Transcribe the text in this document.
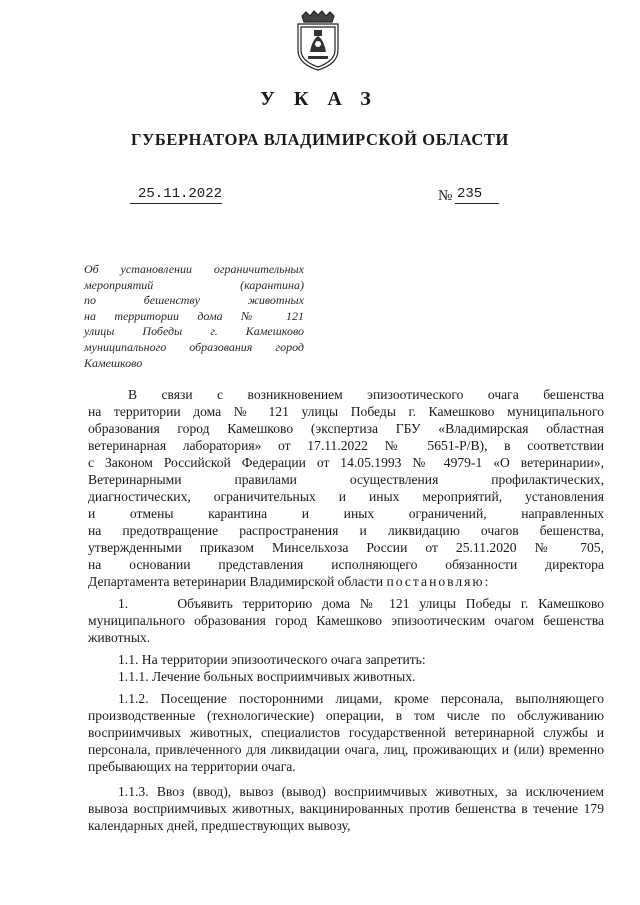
УКАЗ
ГУБЕРНАТОРА ВЛАДИМИРСКОЙ ОБЛАСТИ
25.11.2022	№ 235
Об установлении ограничительных
мероприятий (карантина)
по бешенству животных
на территории дома № 121
улицы Победы г. Камешково
муниципального образования город
Камешково
В связи с возникновением эпизоотического очага бешенства
на территории дома № 121 улицы Победы г. Камешково муниципального
образования город Камешково (экспертиза ГБУ «Владимирская областная
ветеринарная лаборатория» от 17.11.2022 № 5651-Р/В), в соответствии
с Законом Российской Федерации от 14.05.1993 № 4979-1 «О ветеринарии»,
Ветеринарными правилами осуществления профилактических,
диагностических, ограничительных и иных мероприятий, установления
и отмены карантина и иных ограничений, направленных
на предотвращение распространения и ликвидацию очагов бешенства,
утвержденными приказом Минсельхоза России от 25.11.2020 № 705,
на основании представления исполняющего обязанности директора
Департамента ветеринарии Владимирской области постановляю:

1.	Объявить территорию дома № 121 улицы Победы г. Камешково муниципального образования город Камешково эпизоотическим очагом бешенства животных.

1.1. На территории эпизоотического очага запретить:

1.1.1. Лечение больных восприимчивых животных.

1.1.2. Посещение посторонними лицами, кроме персонала, выполняющего производственные (технологические) операции, в том числе по обслуживанию восприимчивых животных, специалистов государственной ветеринарной службы и персонала, привлеченного для ликвидации очага, лиц, проживающих и (или) временно пребывающих на территории очага.

1.1.3. Ввоз (ввод), вывоз (вывод) восприимчивых животных, за исключением вывоза восприимчивых животных, вакцинированных против бешенства в течение 179 календарных дней, предшествующих вывозу,
